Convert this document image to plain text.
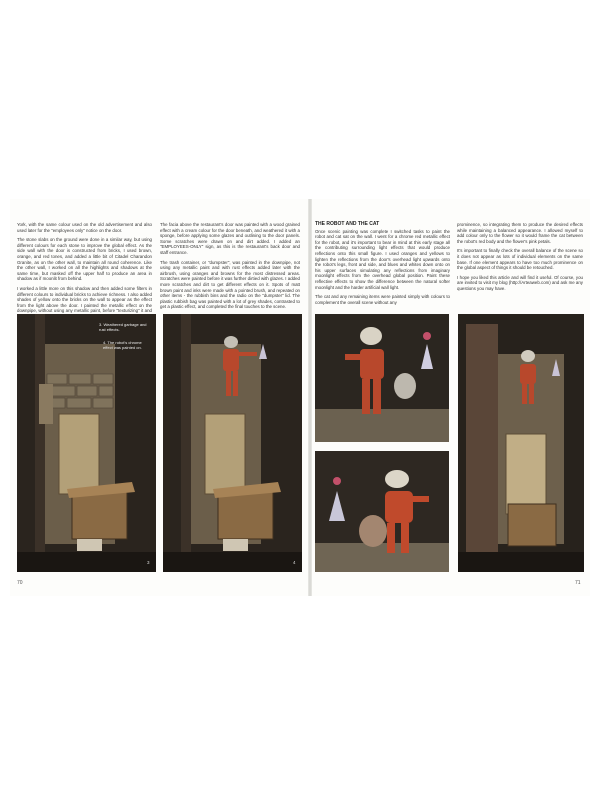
York, with the same colour used on the old advertisement and also used later for the "employees only" notice on the door.

The stone slabs on the ground were done in a similar way, but using different colours for each stone to improve the global effect. As the side wall with the door is constructed from bricks, I used brown, orange, and red tones, and added a little bit of Citadel Charandon Granite, as on the other wall, to maintain all round coherence. Like the other wall, I worked on all the highlights and shadows at the same time, but masked off the upper half to produce an area in shadow as if moonlit from behind.

I worked a little more on this shadow and then added some filters in different colours to individual bricks to achieve richness. I also added shades of yellow onto the bricks on the wall to appear as the effect from the light above the door. I painted the metallic effect on the downpipe, without using any metallic paint, before "texturizing" it and

The facia above the restaurant's door was painted with a wood grained effect with a cream colour for the door beneath, and weathered it with a sponge, before applying some glazes and outlining to the door panels. Some scratches were drawn on and dirt added. I added an "EMPLOYEES-ONLY" sign, as this is the restaurant's back door and staff entrance.

The trash container, or "dumpster", was painted in the downpipe, not using any metallic paint and with rust effects added later with the airbrush, using oranges and browns for the most distressed areas. Scratches were painted before it was further dirtied with glazes. I added more scratches and dirt to get different effects on it. Spots of matt brown paint and inks were made with a pointed brush, and repeated on other items - the rubbish bins and the radio on the "dumpster" lid. The plastic rubbish bag was painted with a lot of grey shades, contrasted to get a plastic effect, and completed the final touches to the scene.

3. Weathered garbage and rust effects.
4. The robot's chrome effect was painted on.
3	4
70
THE ROBOT AND THE CAT

Once scenic painting was complete I switched tasks to paint the robot and cat sat on the wall. I went for a chrome red metallic effect for the robot, and it's important to bear in mind at this early stage all the contributing surrounding light effects that would produce reflections onto this small figure. I used oranges and yellows to lighten the reflections from the door's overhead light upwards onto the robot's legs, front and side, and blues and whites down onto on his upper surfaces simulating any reflections from imaginary moonlight effects from the overhead global position. Paint these reflective effects to show the difference between the natural softer moonlight and the harder artificial wall light.

The cat and any remaining items were painted simply with colours to complement the overall scene without any

prominence, so integrating them to produce the desired effects while maintaining a balanced appearance. I allowed myself to add colour only to the flower so it would frame the cat between the robot's red body and the flower's pink petals.

It's important to finally check the overall balance of the scene so it does not appear as lots of individual elements on the same base. If one element appears to have too much prominence on the global aspect of things it should be retouched.

I hope you liked this article and will find it useful. Of course, you are invited to visit my blog (http://Arteaweb.com) and ask me any questions you may have.

71
